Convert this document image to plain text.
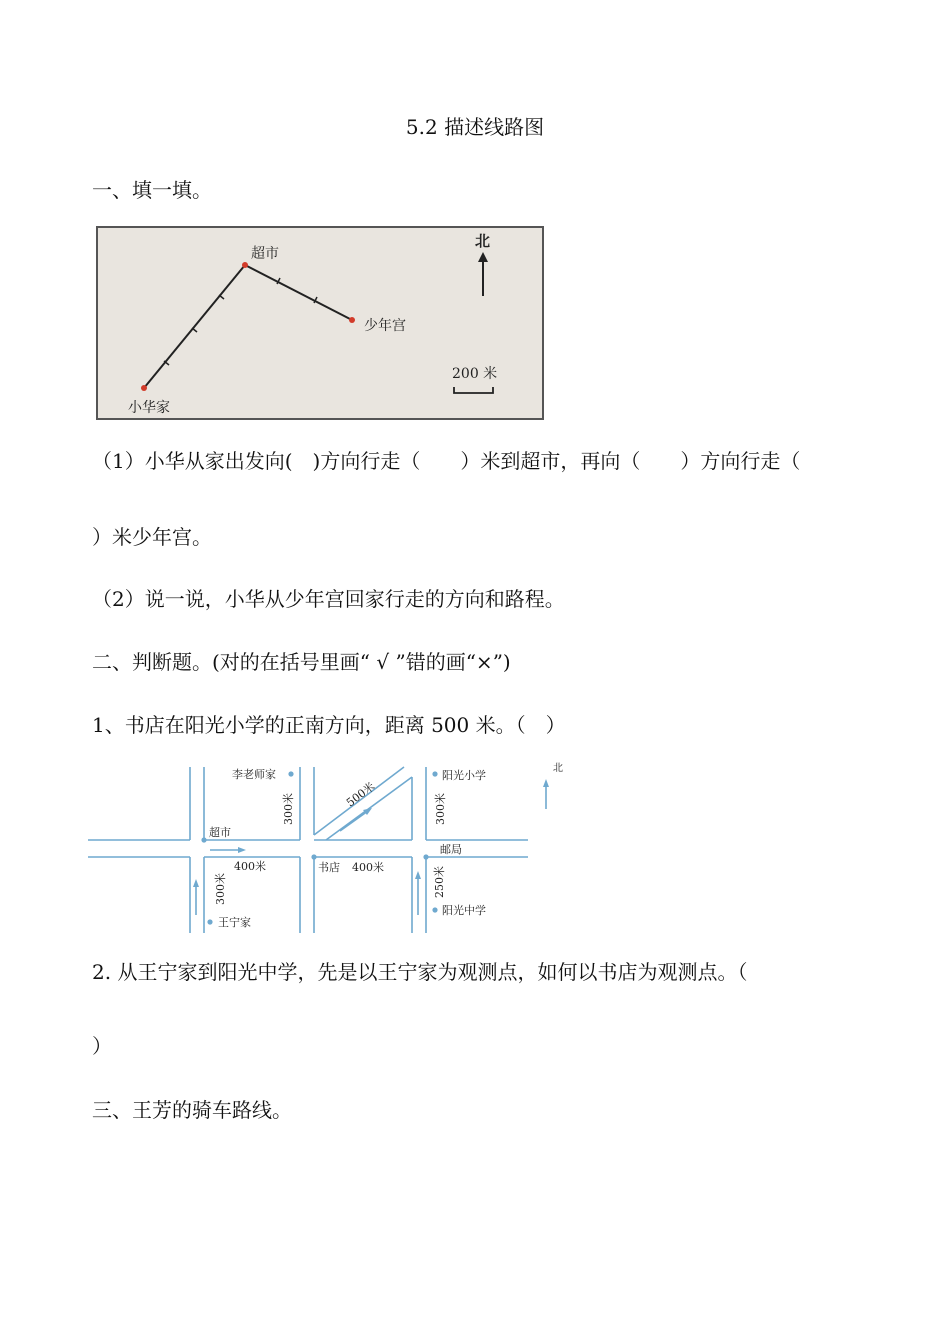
5.2 描述线路图
一、填一填。
小华家
超市
少年宫
北
200 米
（1）小华从家出发向(　)方向行走（　　）米到超市，再向（　　）方向行走（
）米少年宫。
（2）说一说，小华从少年宫回家行走的方向和路程。
二、判断题。(对的在括号里画“ √ ”错的画“×”)
1、书店在阳光小学的正南方向，距离 500 米。（　）
李老师家	阳光小学
超市
邮局
书店
王宁家
阳光中学
北
400米	400米
300米	300米
500米
300米	250米
2. 从王宁家到阳光中学，先是以王宁家为观测点，如何以书店为观测点。（
）
三、王芳的骑车路线。
